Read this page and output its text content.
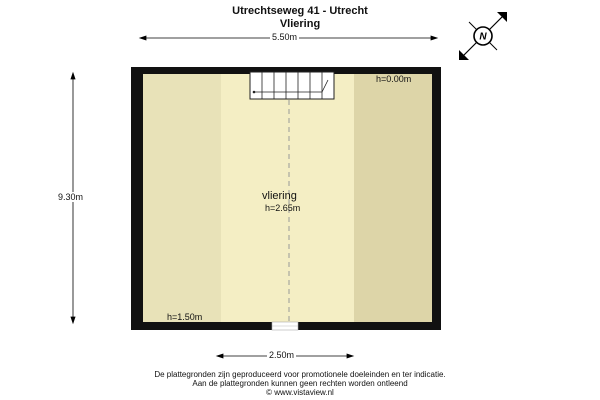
Utrechtseweg 41 - Utrecht
Vliering
N
5.50m
9.30m
2.50m
vliering
h=2.65m
h=0.00m
h=1.50m
De plattegronden zijn geproduceerd voor promotionele doeleinden en ter indicatie.
Aan de plattegronden kunnen geen rechten worden ontleend
© www.vistaview.nl
